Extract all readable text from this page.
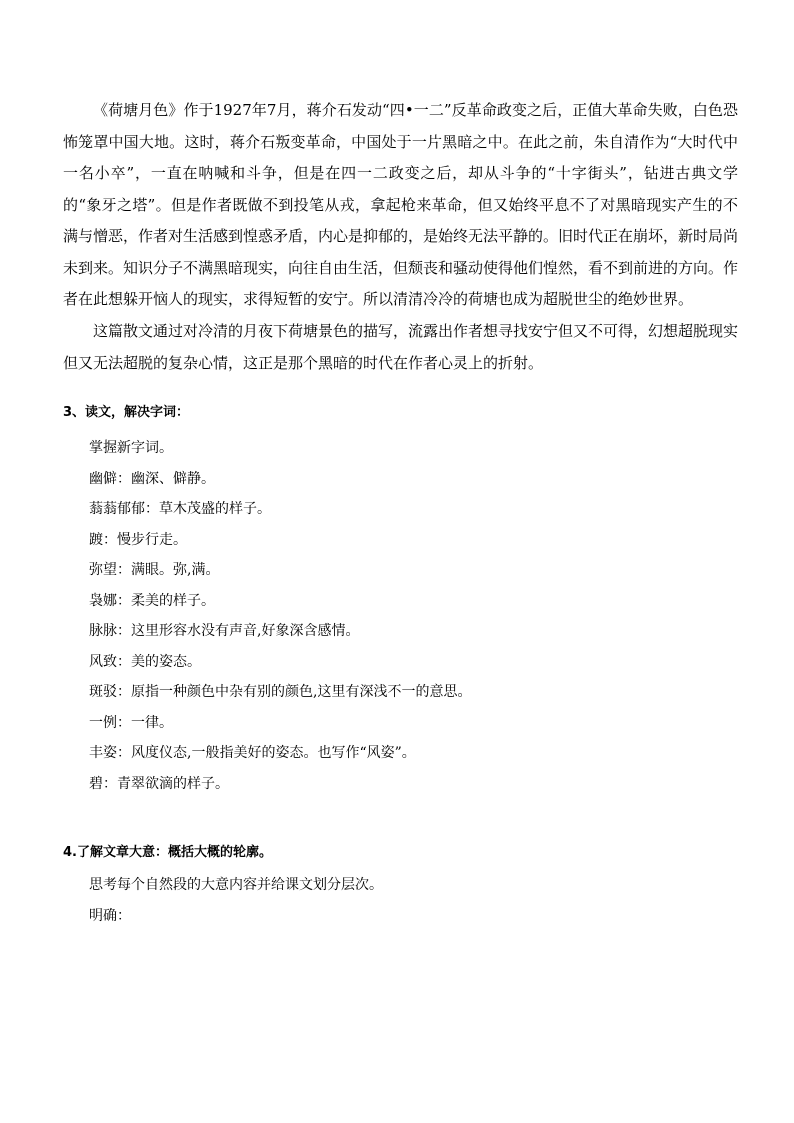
《荷塘月色》作于1927年7月，蒋介石发动“四•一二”反革命政变之后，正值大革命失败，白色恐怖笼罩中国大地。这时，蒋介石叛变革命，中国处于一片黑暗之中。在此之前，朱自清作为“大时代中一名小卒”，一直在呐喊和斗争，但是在四一二政变之后，却从斗争的“十字街头”，钻进古典文学的“象牙之塔”。但是作者既做不到投笔从戎，拿起枪来革命，但又始终平息不了对黑暗现实产生的不满与憎恶，作者对生活感到惶惑矛盾，内心是抑郁的，是始终无法平静的。旧时代正在崩坏，新时局尚未到来。知识分子不满黑暗现实，向往自由生活，但颓丧和骚动使得他们惶然，看不到前进的方向。作者在此想躲开恼人的现实，求得短暂的安宁。所以清清冷冷的荷塘也成为超脱世尘的绝妙世界。

这篇散文通过对冷清的月夜下荷塘景色的描写，流露出作者想寻找安宁但又不可得，幻想超脱现实但又无法超脱的复杂心情，这正是那个黑暗的时代在作者心灵上的折射。

3、读文，解决字词：
掌握新字词。
幽僻：幽深、僻静。
蓊蓊郁郁：草木茂盛的样子。
踱：慢步行走。
弥望：满眼。弥,满。
袅娜：柔美的样子。
脉脉：这里形容水没有声音,好象深含感情。
风致：美的姿态。
斑驳：原指一种颜色中杂有别的颜色,这里有深浅不一的意思。
一例：一律。
丰姿：风度仪态,一般指美好的姿态。也写作“风姿”。
碧：青翠欲滴的样子。
4.了解文章大意：概括大概的轮廓。
思考每个自然段的大意内容并给课文划分层次。
明确：
